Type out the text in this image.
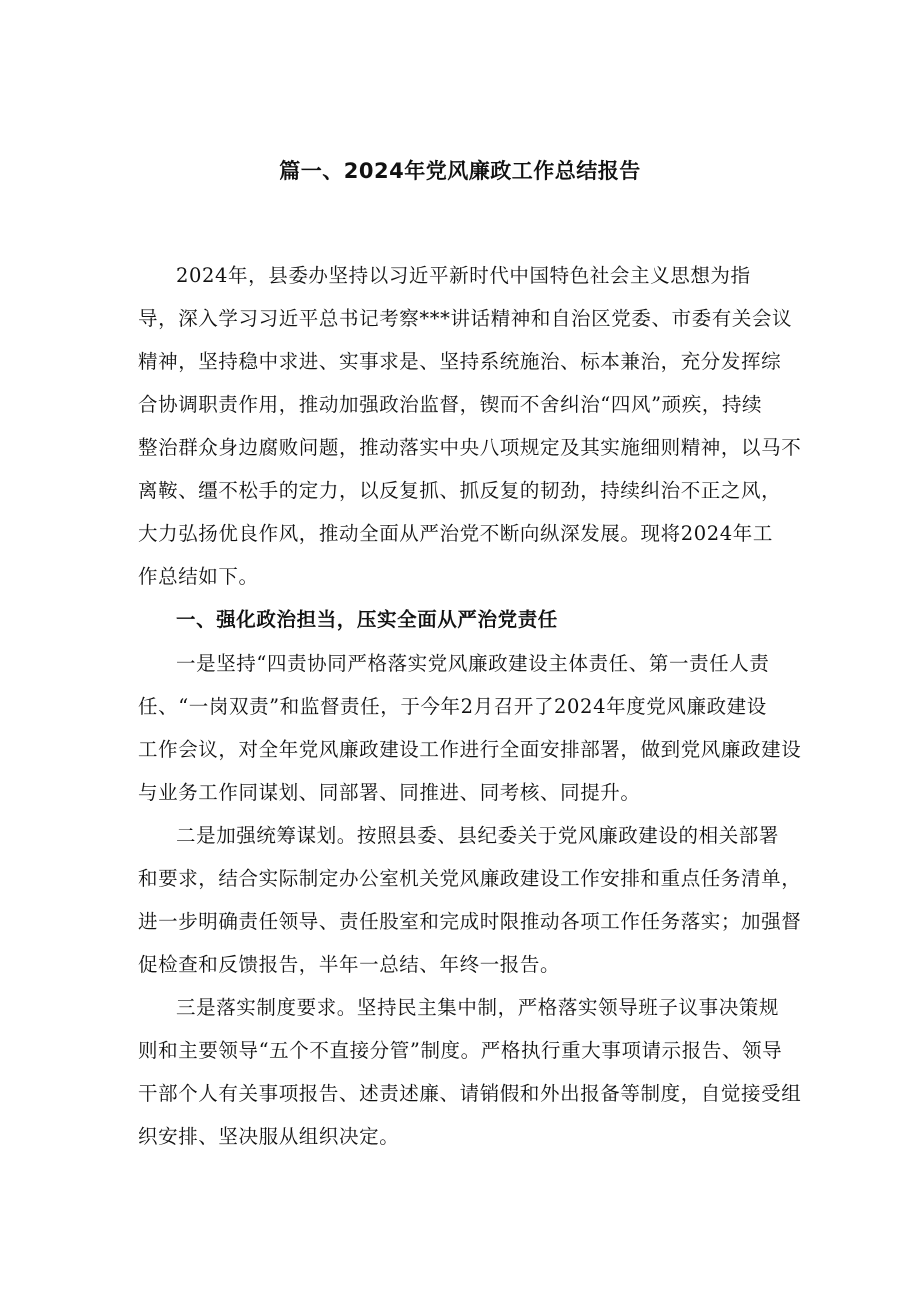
篇一、2024年党风廉政工作总结报告
2024年，县委办坚持以习近平新时代中国特色社会主义思想为指
导，深入学习习近平总书记考察***讲话精神和自治区党委、市委有关会议
精神，坚持稳中求进、实事求是、坚持系统施治、标本兼治，充分发挥综
合协调职责作用，推动加强政治监督，锲而不舍纠治“四风”顽疾，持续
整治群众身边腐败问题，推动落实中央八项规定及其实施细则精神，以马不
离鞍、缰不松手的定力，以反复抓、抓反复的韧劲，持续纠治不正之风，
大力弘扬优良作风，推动全面从严治党不断向纵深发展。现将2024年工
作总结如下。
一、强化政治担当，压实全面从严治党责任
一是坚持“四责协同严格落实党风廉政建设主体责任、第一责任人责
任、“一岗双责”和监督责任，于今年2月召开了2024年度党风廉政建设
工作会议，对全年党风廉政建设工作进行全面安排部署，做到党风廉政建设
与业务工作同谋划、同部署、同推进、同考核、同提升。
二是加强统筹谋划。按照县委、县纪委关于党风廉政建设的相关部署
和要求，结合实际制定办公室机关党风廉政建设工作安排和重点任务清单，
进一步明确责任领导、责任股室和完成时限推动各项工作任务落实；加强督
促检查和反馈报告，半年一总结、年终一报告。
三是落实制度要求。坚持民主集中制，严格落实领导班子议事决策规
则和主要领导“五个不直接分管”制度。严格执行重大事项请示报告、领导
干部个人有关事项报告、述责述廉、请销假和外出报备等制度，自觉接受组
织安排、坚决服从组织决定。
